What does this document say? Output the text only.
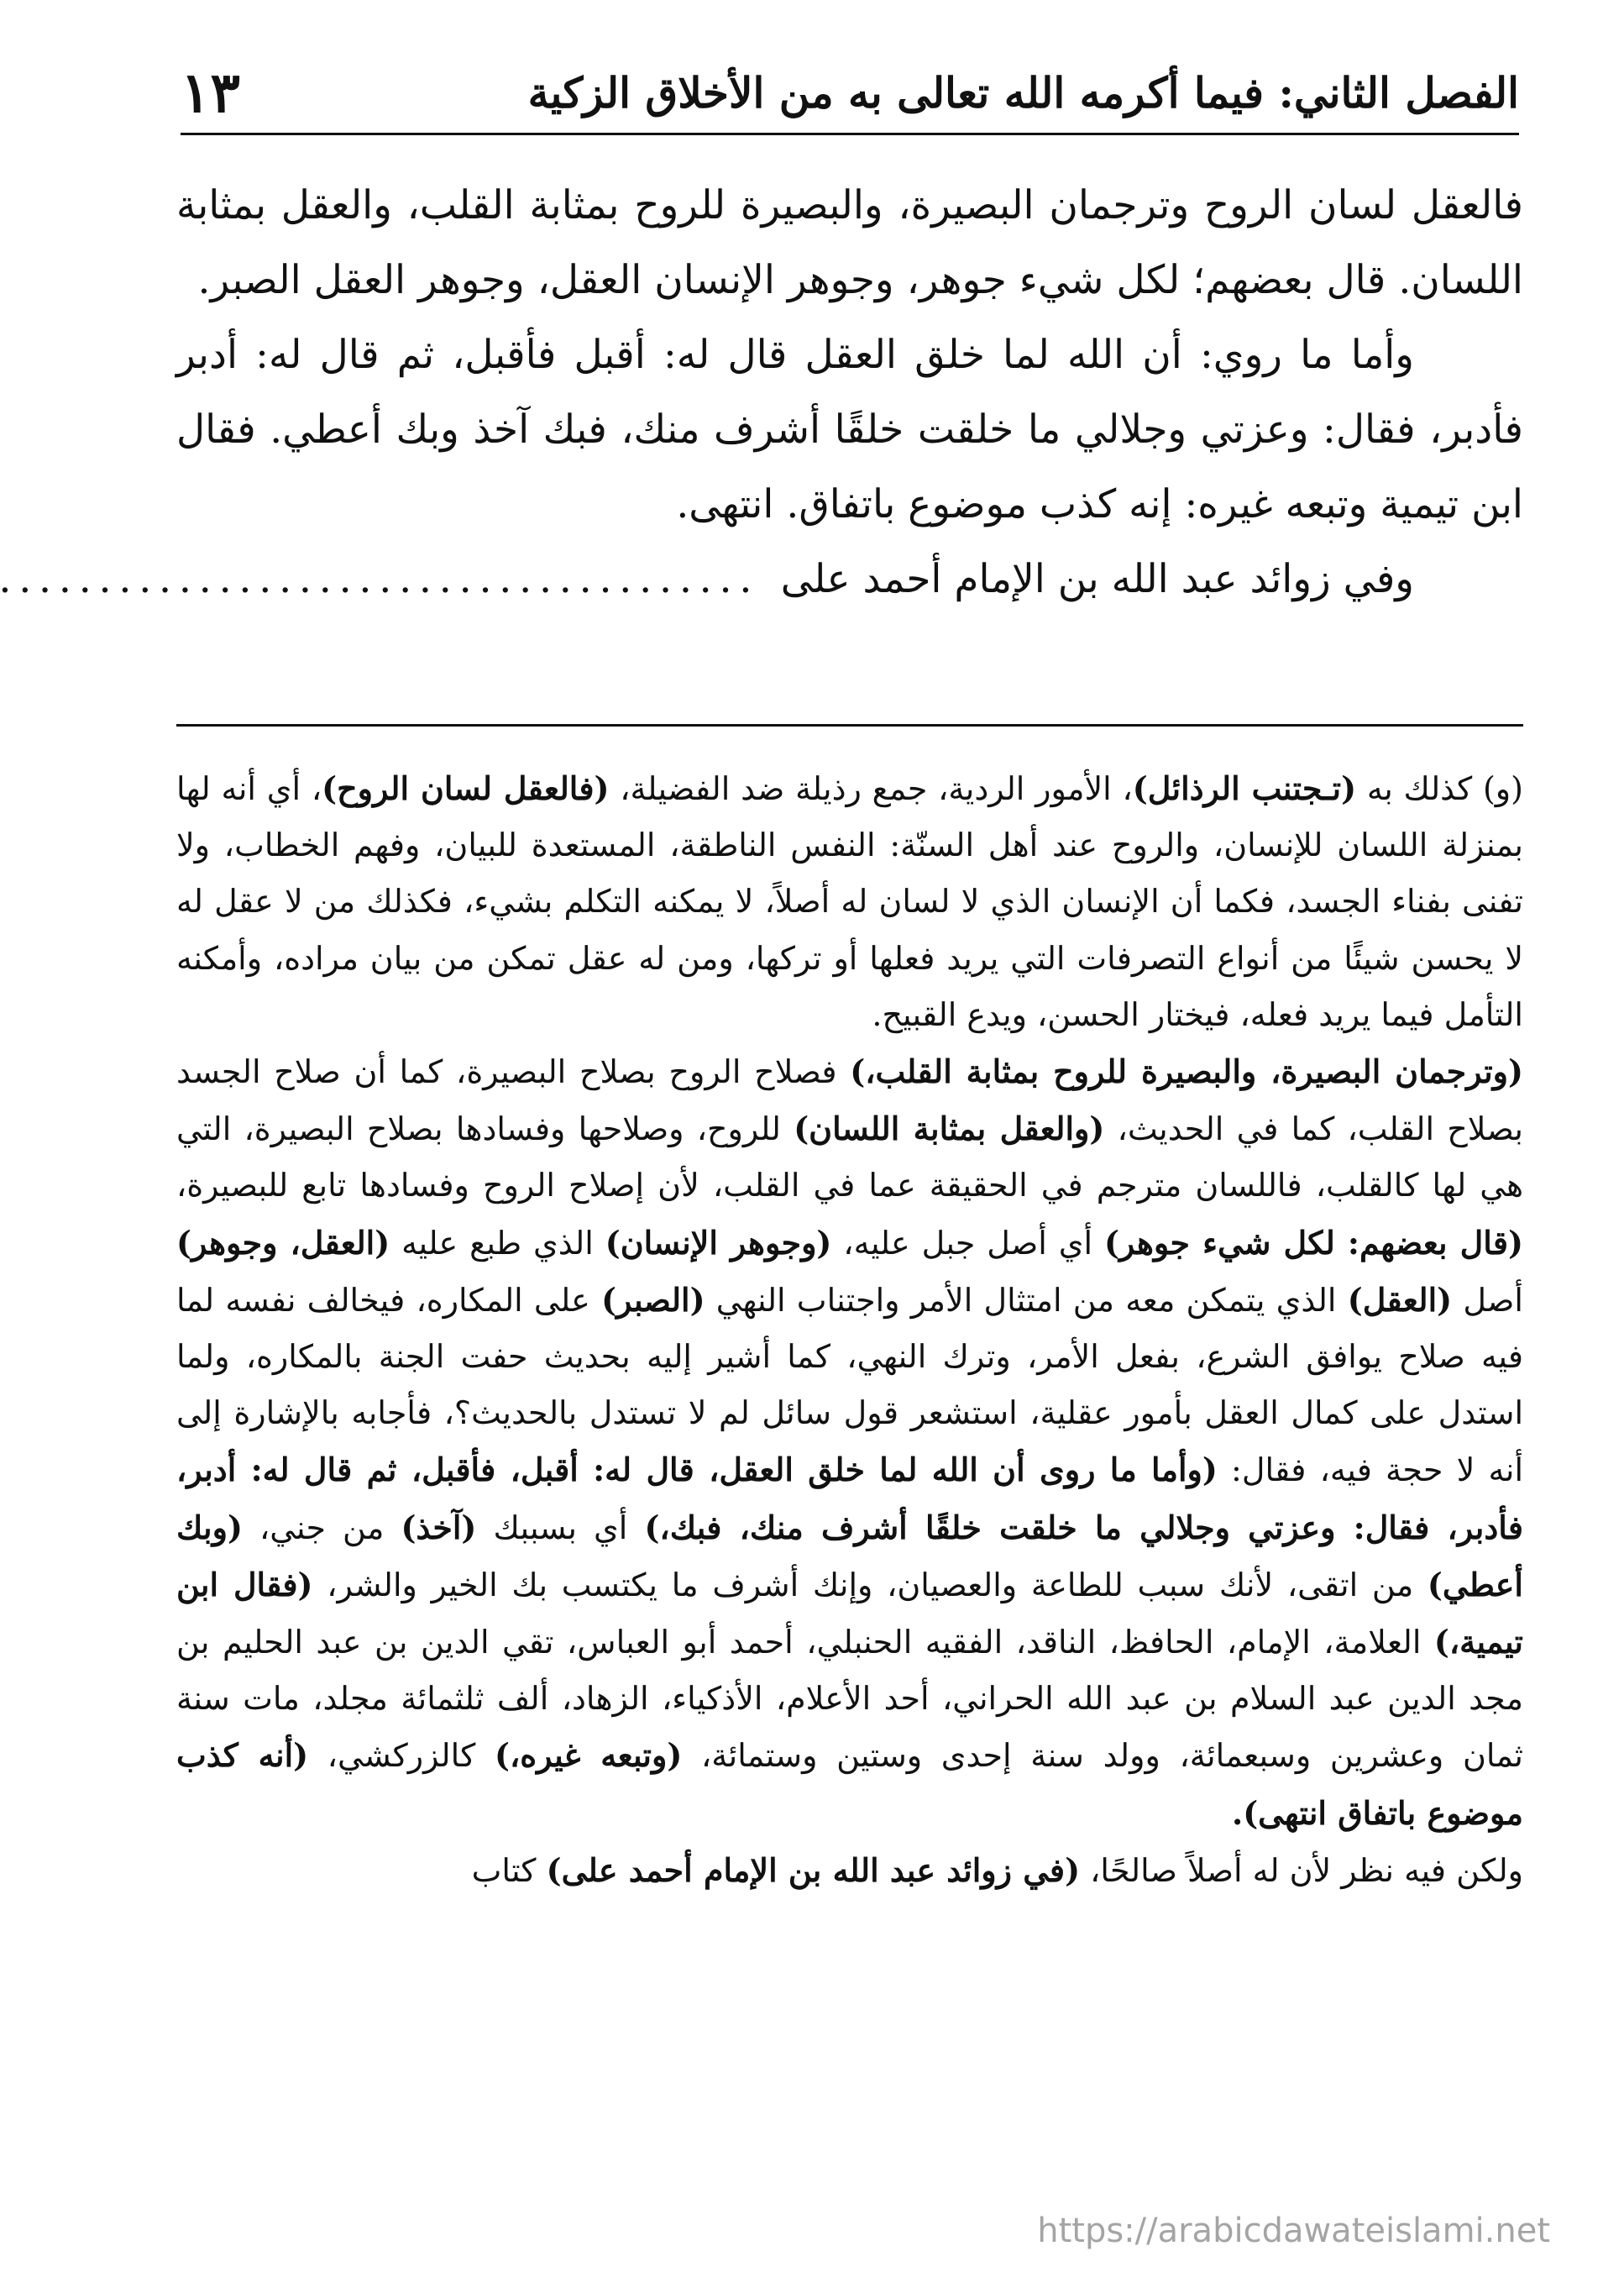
الفصل الثاني: فيما أكرمه الله تعالى به من الأخلاق الزكية
١٣

فالعقل لسان الروح وترجمان البصيرة، والبصيرة للروح بمثابة القلب، والعقل بمثابة اللسان. قال بعضهم؛ لكل شيء جوهر، وجوهر الإنسان العقل، وجوهر العقل الصبر.

وأما ما روي: أن الله لما خلق العقل قال له: أقبل فأقبل، ثم قال له: أدبر فأدبر، فقال: وعزتي وجلالي ما خلقت خلقًا أشرف منك، فبك آخذ وبك أعطي. فقال ابن تيمية وتبعه غيره: إنه كذب موضوع باتفاق. انتهى.

وفي زوائد عبد الله بن الإمام أحمد على
......................................

(و) كذلك به (تـجتنب الرذائل)، الأمور الردية، جمع رذيلة ضد الفضيلة، (فالعقل لسان الروح)، أي أنه لها بمنزلة اللسان للإنسان، والروح عند أهل السنّة: النفس الناطقة، المستعدة للبيان، وفهم الخطاب، ولا تفنى بفناء الجسد، فكما أن الإنسان الذي لا لسان له أصلاً، لا يمكنه التكلم بشيء، فكذلك من لا عقل له لا يحسن شيئًا من أنواع التصرفات التي يريد فعلها أو تركها، ومن له عقل تمكن من بيان مراده، وأمكنه التأمل فيما يريد فعله، فيختار الحسن، ويدع القبيح.

(وترجمان البصيرة، والبصيرة للروح بمثابة القلب،) فصلاح الروح بصلاح البصيرة، كما أن صلاح الجسد بصلاح القلب، كما في الحديث، (والعقل بمثابة اللسان) للروح، وصلاحها وفسادها بصلاح البصيرة، التي هي لها كالقلب، فاللسان مترجم في الحقيقة عما في القلب، لأن إصلاح الروح وفسادها تابع للبصيرة، (قال بعضهم: لكل شيء جوهر) أي أصل جبل عليه، (وجوهر الإنسان) الذي طبع عليه (العقل، وجوهر) أصل (العقل) الذي يتمكن معه من امتثال الأمر واجتناب النهي (الصبر) على المكاره، فيخالف نفسه لما فيه صلاح يوافق الشرع، بفعل الأمر، وترك النهي، كما أشير إليه بحديث حفت الجنة بالمكاره، ولما استدل على كمال العقل بأمور عقلية، استشعر قول سائل لم لا تستدل بالحديث؟، فأجابه بالإشارة إلى أنه لا حجة فيه، فقال: (وأما ما روى أن الله لما خلق العقل، قال له: أقبل، فأقبل، ثم قال له: أدبر، فأدبر، فقال: وعزتي وجلالي ما خلقت خلقًا أشرف منك، فبك،) أي بسببك (آخذ) من جني، (وبك أعطي) من اتقى، لأنك سبب للطاعة والعصيان، وإنك أشرف ما يكتسب بك الخير والشر، (فقال ابن تيمية،) العلامة، الإمام، الحافظ، الناقد، الفقيه الحنبلي، أحمد أبو العباس، تقي الدين بن عبد الحليم بن مجد الدين عبد السلام بن عبد الله الحراني، أحد الأعلام، الأذكياء، الزهاد، ألف ثلثمائة مجلد، مات سنة ثمان وعشرين وسبعمائة، وولد سنة إحدى وستين وستمائة، (وتبعه غيره،) كالزركشي، (أنه كذب موضوع باتفاق انتهى).

ولكن فيه نظر لأن له أصلاً صالحًا، (في زوائد عبد الله بن الإمام أحمد على) كتاب

https://arabicdawateislami.net
